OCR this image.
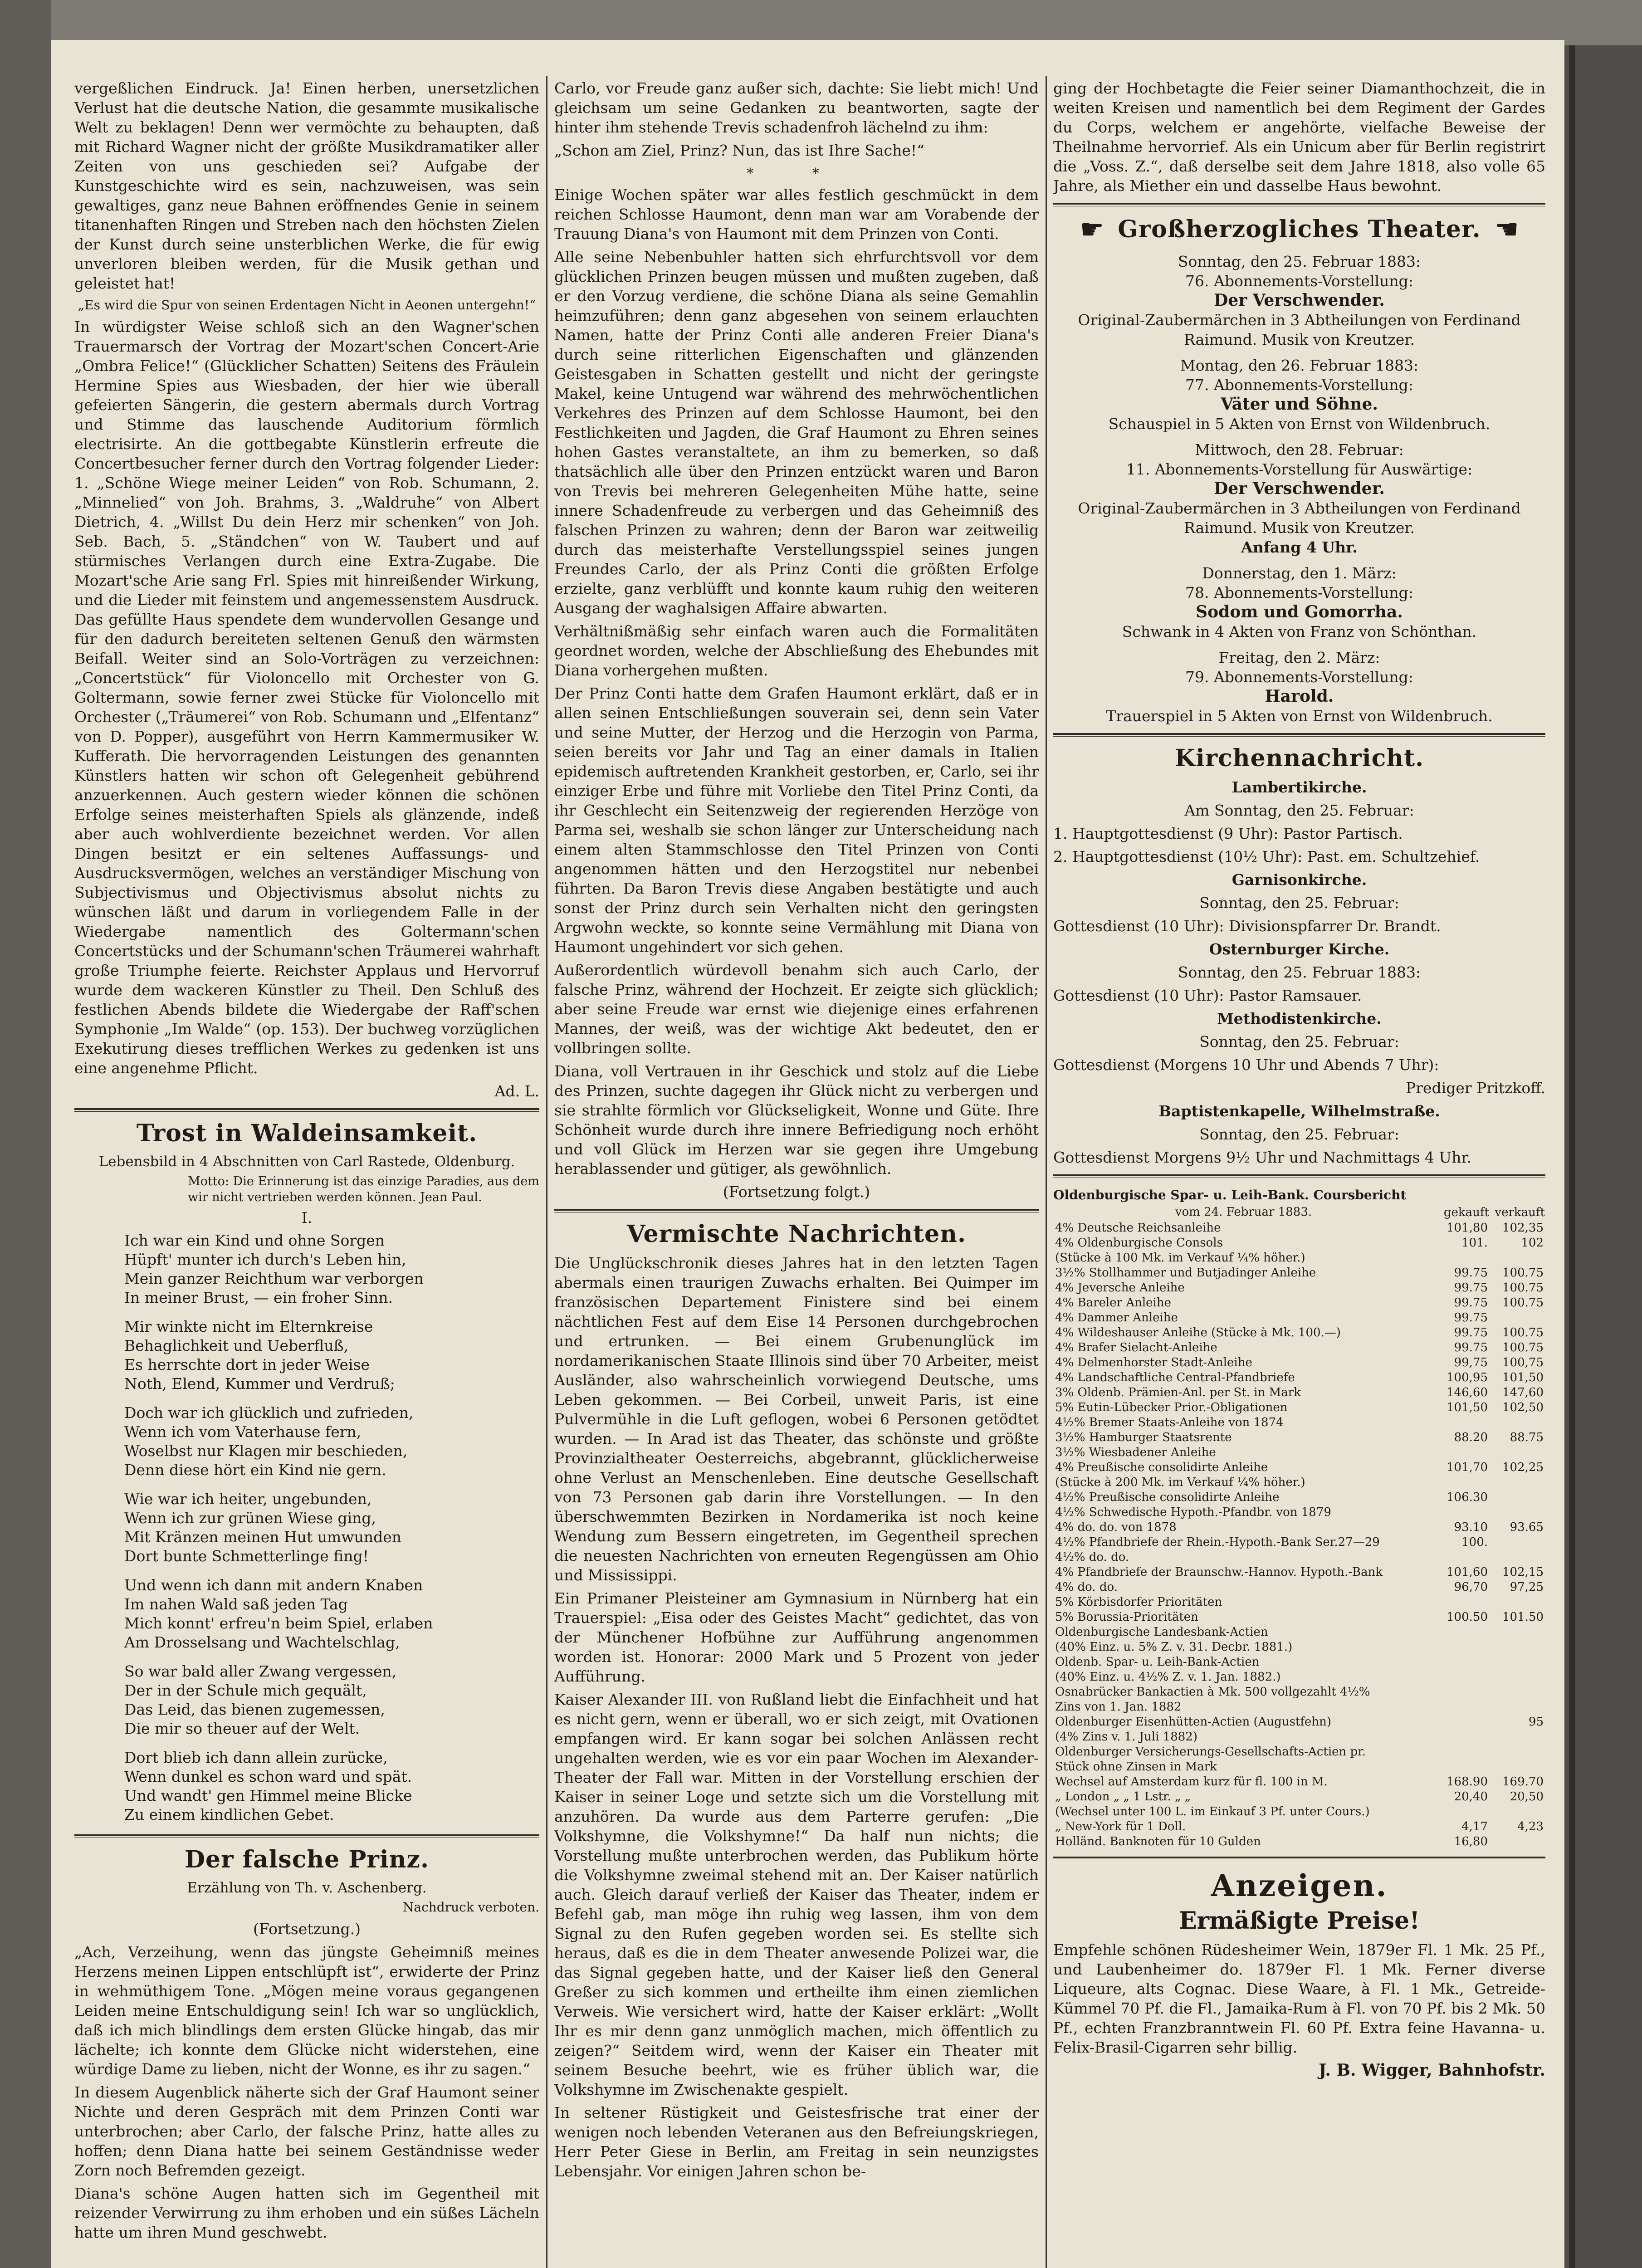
vergeßlichen Eindruck. Ja! Einen herben, unersetzlichen Verlust hat die deutsche Nation, die gesammte musikalische Welt zu beklagen! Denn wer vermöchte zu behaupten, daß mit Richard Wagner nicht der größte Musikdramatiker aller Zeiten von uns geschieden sei? Aufgabe der Kunstgeschichte wird es sein, nachzuweisen, was sein gewaltiges, ganz neue Bahnen eröffnendes Genie in seinem titanenhaften Ringen und Streben nach den höchsten Zielen der Kunst durch seine unsterblichen Werke, die für ewig unverloren bleiben werden, für die Musik gethan und geleistet hat!

„Es wird die Spur von seinen Erdentagen Nicht in Aeonen untergehn!“

In würdigster Weise schloß sich an den Wagner'schen Trauermarsch der Vortrag der Mozart'schen Concert-Arie „Ombra Felice!“ (Glücklicher Schatten) Seitens des Fräulein Hermine Spies aus Wiesbaden, der hier wie überall gefeierten Sängerin, die gestern abermals durch Vortrag und Stimme das lauschende Auditorium förmlich electrisirte. An die gottbegabte Künstlerin erfreute die Concertbesucher ferner durch den Vortrag folgender Lieder: 1. „Schöne Wiege meiner Leiden“ von Rob. Schumann, 2. „Minnelied“ von Joh. Brahms, 3. „Waldruhe“ von Albert Dietrich, 4. „Willst Du dein Herz mir schenken“ von Joh. Seb. Bach, 5. „Ständchen“ von W. Taubert und auf stürmisches Verlangen durch eine Extra-Zugabe. Die Mozart'sche Arie sang Frl. Spies mit hinreißender Wirkung, und die Lieder mit feinstem und angemessenstem Ausdruck. Das gefüllte Haus spendete dem wundervollen Gesange und für den dadurch bereiteten seltenen Genuß den wärmsten Beifall. Weiter sind an Solo-Vorträgen zu verzeichnen: „Concertstück“ für Violoncello mit Orchester von G. Goltermann, sowie ferner zwei Stücke für Violoncello mit Orchester („Träumerei“ von Rob. Schumann und „Elfentanz“ von D. Popper), ausgeführt von Herrn Kammermusiker W. Kufferath. Die hervorragenden Leistungen des genannten Künstlers hatten wir schon oft Gelegenheit gebührend anzuerkennen. Auch gestern wieder können die schönen Erfolge seines meisterhaften Spiels als glänzende, indeß aber auch wohlverdiente bezeichnet werden. Vor allen Dingen besitzt er ein seltenes Auffassungs- und Ausdrucksvermögen, welches an verständiger Mischung von Subjectivismus und Objectivismus absolut nichts zu wünschen läßt und darum in vorliegendem Falle in der Wiedergabe namentlich des Goltermann'schen Concertstücks und der Schumann'schen Träumerei wahrhaft große Triumphe feierte. Reichster Applaus und Hervorruf wurde dem wackeren Künstler zu Theil. Den Schluß des festlichen Abends bildete die Wiedergabe der Raff'schen Symphonie „Im Walde“ (op. 153). Der buchweg vorzüglichen Exekutirung dieses trefflichen Werkes zu gedenken ist uns eine angenehme Pflicht.

Ad. L.

Trost in Waldeinsamkeit.

Lebensbild in 4 Abschnitten von Carl Rastede, Oldenburg.

Motto: Die Erinnerung ist das einzige Paradies, aus dem wir nicht vertrieben werden können. Jean Paul.

I.

Ich war ein Kind und ohne Sorgen
Hüpft' munter ich durch's Leben hin,
Mein ganzer Reichthum war verborgen
In meiner Brust, — ein froher Sinn.
Mir winkte nicht im Elternkreise
Behaglichkeit und Ueberfluß,
Es herrschte dort in jeder Weise
Noth, Elend, Kummer und Verdruß;
Doch war ich glücklich und zufrieden,
Wenn ich vom Vaterhause fern,
Woselbst nur Klagen mir beschieden,
Denn diese hört ein Kind nie gern.
Wie war ich heiter, ungebunden,
Wenn ich zur grünen Wiese ging,
Mit Kränzen meinen Hut umwunden
Dort bunte Schmetterlinge fing!
Und wenn ich dann mit andern Knaben
Im nahen Wald saß jeden Tag
Mich konnt' erfreu'n beim Spiel, erlaben
Am Drosselsang und Wachtelschlag,
So war bald aller Zwang vergessen,
Der in der Schule mich gequält,
Das Leid, das bienen zugemessen,
Die mir so theuer auf der Welt.
Dort blieb ich dann allein zurücke,
Wenn dunkel es schon ward und spät.
Und wandt' gen Himmel meine Blicke
Zu einem kindlichen Gebet.
Der falsche Prinz.

Erzählung von Th. v. Aschenberg.

Nachdruck verboten.

(Fortsetzung.)

„Ach, Verzeihung, wenn das jüngste Geheimniß meines Herzens meinen Lippen entschlüpft ist“, erwiderte der Prinz in wehmüthigem Tone. „Mögen meine voraus gegangenen Leiden meine Entschuldigung sein! Ich war so unglücklich, daß ich mich blindlings dem ersten Glücke hingab, das mir lächelte; ich konnte dem Glücke nicht widerstehen, eine würdige Dame zu lieben, nicht der Wonne, es ihr zu sagen.“

In diesem Augenblick näherte sich der Graf Haumont seiner Nichte und deren Gespräch mit dem Prinzen Conti war unterbrochen; aber Carlo, der falsche Prinz, hatte alles zu hoffen; denn Diana hatte bei seinem Geständnisse weder Zorn noch Befremden gezeigt.

Diana's schöne Augen hatten sich im Gegentheil mit reizender Verwirrung zu ihm erhoben und ein süßes Lächeln hatte um ihren Mund geschwebt.

Carlo, vor Freude ganz außer sich, dachte: Sie liebt mich! Und gleichsam um seine Gedanken zu beantworten, sagte der hinter ihm stehende Trevis schadenfroh lächelnd zu ihm:

„Schon am Ziel, Prinz? Nun, das ist Ihre Sache!“

* *

Einige Wochen später war alles festlich geschmückt in dem reichen Schlosse Haumont, denn man war am Vorabende der Trauung Diana's von Haumont mit dem Prinzen von Conti.

Alle seine Nebenbuhler hatten sich ehrfurchtsvoll vor dem glücklichen Prinzen beugen müssen und mußten zugeben, daß er den Vorzug verdiene, die schöne Diana als seine Gemahlin heimzuführen; denn ganz abgesehen von seinem erlauchten Namen, hatte der Prinz Conti alle anderen Freier Diana's durch seine ritterlichen Eigenschaften und glänzenden Geistesgaben in Schatten gestellt und nicht der geringste Makel, keine Untugend war während des mehrwöchentlichen Verkehres des Prinzen auf dem Schlosse Haumont, bei den Festlichkeiten und Jagden, die Graf Haumont zu Ehren seines hohen Gastes veranstaltete, an ihm zu bemerken, so daß thatsächlich alle über den Prinzen entzückt waren und Baron von Trevis bei mehreren Gelegenheiten Mühe hatte, seine innere Schadenfreude zu verbergen und das Geheimniß des falschen Prinzen zu wahren; denn der Baron war zeitweilig durch das meisterhafte Verstellungsspiel seines jungen Freundes Carlo, der als Prinz Conti die größten Erfolge erzielte, ganz verblüfft und konnte kaum ruhig den weiteren Ausgang der waghalsigen Affaire abwarten.

Verhältnißmäßig sehr einfach waren auch die Formalitäten geordnet worden, welche der Abschließung des Ehebundes mit Diana vorhergehen mußten.

Der Prinz Conti hatte dem Grafen Haumont erklärt, daß er in allen seinen Entschließungen souverain sei, denn sein Vater und seine Mutter, der Herzog und die Herzogin von Parma, seien bereits vor Jahr und Tag an einer damals in Italien epidemisch auftretenden Krankheit gestorben, er, Carlo, sei ihr einziger Erbe und führe mit Vorliebe den Titel Prinz Conti, da ihr Geschlecht ein Seitenzweig der regierenden Herzöge von Parma sei, weshalb sie schon länger zur Unterscheidung nach einem alten Stammschlosse den Titel Prinzen von Conti angenommen hätten und den Herzogstitel nur nebenbei führten. Da Baron Trevis diese Angaben bestätigte und auch sonst der Prinz durch sein Verhalten nicht den geringsten Argwohn weckte, so konnte seine Vermählung mit Diana von Haumont ungehindert vor sich gehen.

Außerordentlich würdevoll benahm sich auch Carlo, der falsche Prinz, während der Hochzeit. Er zeigte sich glücklich; aber seine Freude war ernst wie diejenige eines erfahrenen Mannes, der weiß, was der wichtige Akt bedeutet, den er vollbringen sollte.

Diana, voll Vertrauen in ihr Geschick und stolz auf die Liebe des Prinzen, suchte dagegen ihr Glück nicht zu verbergen und sie strahlte förmlich vor Glückseligkeit, Wonne und Güte. Ihre Schönheit wurde durch ihre innere Befriedigung noch erhöht und voll Glück im Herzen war sie gegen ihre Umgebung herablassender und gütiger, als gewöhnlich.

(Fortsetzung folgt.)

Vermischte Nachrichten.

Die Unglückschronik dieses Jahres hat in den letzten Tagen abermals einen traurigen Zuwachs erhalten. Bei Quimper im französischen Departement Finistere sind bei einem nächtlichen Fest auf dem Eise 14 Personen durchgebrochen und ertrunken. — Bei einem Grubenunglück im nordamerikanischen Staate Illinois sind über 70 Arbeiter, meist Ausländer, also wahrscheinlich vorwiegend Deutsche, ums Leben gekommen. — Bei Corbeil, unweit Paris, ist eine Pulvermühle in die Luft geflogen, wobei 6 Personen getödtet wurden. — In Arad ist das Theater, das schönste und größte Provinzialtheater Oesterreichs, abgebrannt, glücklicherweise ohne Verlust an Menschenleben. Eine deutsche Gesellschaft von 73 Personen gab darin ihre Vorstellungen. — In den überschwemmten Bezirken in Nordamerika ist noch keine Wendung zum Bessern eingetreten, im Gegentheil sprechen die neuesten Nachrichten von erneuten Regengüssen am Ohio und Mississippi.

Ein Primaner Pleisteiner am Gymnasium in Nürnberg hat ein Trauerspiel: „Eisa oder des Geistes Macht“ gedichtet, das von der Münchener Hofbühne zur Aufführung angenommen worden ist. Honorar: 2000 Mark und 5 Prozent von jeder Aufführung.

Kaiser Alexander III. von Rußland liebt die Einfachheit und hat es nicht gern, wenn er überall, wo er sich zeigt, mit Ovationen empfangen wird. Er kann sogar bei solchen Anlässen recht ungehalten werden, wie es vor ein paar Wochen im Alexander-Theater der Fall war. Mitten in der Vorstellung erschien der Kaiser in seiner Loge und setzte sich um die Vorstellung mit anzuhören. Da wurde aus dem Parterre gerufen: „Die Volkshymne, die Volkshymne!“ Da half nun nichts; die Vorstellung mußte unterbrochen werden, das Publikum hörte die Volkshymne zweimal stehend mit an. Der Kaiser natürlich auch. Gleich darauf verließ der Kaiser das Theater, indem er Befehl gab, man möge ihn ruhig weg lassen, ihm von dem Signal zu den Rufen gegeben worden sei. Es stellte sich heraus, daß es die in dem Theater anwesende Polizei war, die das Signal gegeben hatte, und der Kaiser ließ den General Greßer zu sich kommen und ertheilte ihm einen ziemlichen Verweis. Wie versichert wird, hatte der Kaiser erklärt: „Wollt Ihr es mir denn ganz unmöglich machen, mich öffentlich zu zeigen?“ Seitdem wird, wenn der Kaiser ein Theater mit seinem Besuche beehrt, wie es früher üblich war, die Volkshymne im Zwischenakte gespielt.

In seltener Rüstigkeit und Geistesfrische trat einer der wenigen noch lebenden Veteranen aus den Befreiungskriegen, Herr Peter Giese in Berlin, am Freitag in sein neunzigstes Lebensjahr. Vor einigen Jahren schon be-

ging der Hochbetagte die Feier seiner Diamanthochzeit, die in weiten Kreisen und namentlich bei dem Regiment der Gardes du Corps, welchem er angehörte, vielfache Beweise der Theilnahme hervorrief. Als ein Unicum aber für Berlin registrirt die „Voss. Z.“, daß derselbe seit dem Jahre 1818, also volle 65 Jahre, als Miether ein und dasselbe Haus bewohnt.

☛ Großherzogliches Theater. ☚

Sonntag, den 25. Februar 1883:

76. Abonnements-Vorstellung:

Der Verschwender.

Original-Zaubermärchen in 3 Abtheilungen von Ferdinand Raimund. Musik von Kreutzer.

Montag, den 26. Februar 1883:

77. Abonnements-Vorstellung:

Väter und Söhne.

Schauspiel in 5 Akten von Ernst von Wildenbruch.

Mittwoch, den 28. Februar:

11. Abonnements-Vorstellung für Auswärtige:

Der Verschwender.

Original-Zaubermärchen in 3 Abtheilungen von Ferdinand Raimund. Musik von Kreutzer.

Anfang 4 Uhr.

Donnerstag, den 1. März:

78. Abonnements-Vorstellung:

Sodom und Gomorrha.

Schwank in 4 Akten von Franz von Schönthan.

Freitag, den 2. März:

79. Abonnements-Vorstellung:

Harold.

Trauerspiel in 5 Akten von Ernst von Wildenbruch.

Kirchennachricht.

Lambertikirche.

Am Sonntag, den 25. Februar:

1. Hauptgottesdienst (9 Uhr): Pastor Partisch.

2. Hauptgottesdienst (10½ Uhr): Past. em. Schultzehief.

Garnisonkirche.

Sonntag, den 25. Februar:

Gottesdienst (10 Uhr): Divisionspfarrer Dr. Brandt.

Osternburger Kirche.

Sonntag, den 25. Februar 1883:

Gottesdienst (10 Uhr): Pastor Ramsauer.

Methodistenkirche.

Sonntag, den 25. Februar:

Gottesdienst (Morgens 10 Uhr und Abends 7 Uhr):

Prediger Pritzkoff.

Baptistenkapelle, Wilhelmstraße.

Sonntag, den 25. Februar:

Gottesdienst Morgens 9½ Uhr und Nachmittags 4 Uhr.

Oldenburgische Spar- u. Leih-Bank. Coursbericht

vom 24. Februar 1883.	gekauft	verkauft
4% Deutsche Reichsanleihe	101,80	102,35
4% Oldenburgische Consols	101.	102
(Stücke à 100 Mk. im Verkauf ¼% höher.)		
3½% Stollhammer und Butjadinger Anleihe	99.75	100.75
4% Jeversche Anleihe	99.75	100.75
4% Bareler Anleihe	99.75	100.75
4% Dammer Anleihe	99.75	
4% Wildeshauser Anleihe (Stücke à Mk. 100.—)	99.75	100.75
4% Brafer Sielacht-Anleihe	99.75	100.75
4% Delmenhorster Stadt-Anleihe	99,75	100,75
4% Landschaftliche Central-Pfandbriefe	100,95	101,50
3% Oldenb. Prämien-Anl. per St. in Mark	146,60	147,60
5% Eutin-Lübecker Prior.-Obligationen	101,50	102,50
4½% Bremer Staats-Anleihe von 1874		
3½% Hamburger Staatsrente	88.20	88.75
3½% Wiesbadener Anleihe		
4% Preußische consolidirte Anleihe	101,70	102,25
(Stücke à 200 Mk. im Verkauf ¼% höher.)		
4½% Preußische consolidirte Anleihe	106.30	
4½% Schwedische Hypoth.-Pfandbr. von 1879		
4% do. do. von 1878	93.10	93.65
4½% Pfandbriefe der Rhein.-Hypoth.-Bank Ser.27—29	100.	
4½% do. do.		
4% Pfandbriefe der Braunschw.-Hannov. Hypoth.-Bank	101,60	102,15
4% do. do.	96,70	97,25
5% Körbisdorfer Prioritäten		
5% Borussia-Prioritäten	100.50	101.50
Oldenburgische Landesbank-Actien		
(40% Einz. u. 5% Z. v. 31. Decbr. 1881.)		
Oldenb. Spar- u. Leih-Bank-Actien		
(40% Einz. u. 4½% Z. v. 1. Jan. 1882.)		
Osnabrücker Bankactien à Mk. 500 vollgezahlt 4½%		
Zins von 1. Jan. 1882		
Oldenburger Eisenhütten-Actien (Augustfehn)		95
(4% Zins v. 1. Juli 1882)		
Oldenburger Versicherungs-Gesellschafts-Actien pr.		
Stück ohne Zinsen in Mark		
Wechsel auf Amsterdam kurz für fl. 100 in M.	168.90	169.70
„ London „ „ 1 Lstr. „ „	20,40	20,50
(Wechsel unter 100 L. im Einkauf 3 Pf. unter Cours.)		
„ New-York für 1 Doll.	4,17	4,23
Holländ. Banknoten für 10 Gulden	16,80	
Anzeigen.
Ermäßigte Preise!

Empfehle schönen Rüdesheimer Wein, 1879er Fl. 1 Mk. 25 Pf., und Laubenheimer do. 1879er Fl. 1 Mk. Ferner diverse Liqueure, alts Cognac. Diese Waare, à Fl. 1 Mk., Getreide-Kümmel 70 Pf. die Fl., Jamaika-Rum à Fl. von 70 Pf. bis 2 Mk. 50 Pf., echten Franzbranntwein Fl. 60 Pf. Extra feine Havanna- u. Felix-Brasil-Cigarren sehr billig.

J. B. Wigger, Bahnhofstr.
